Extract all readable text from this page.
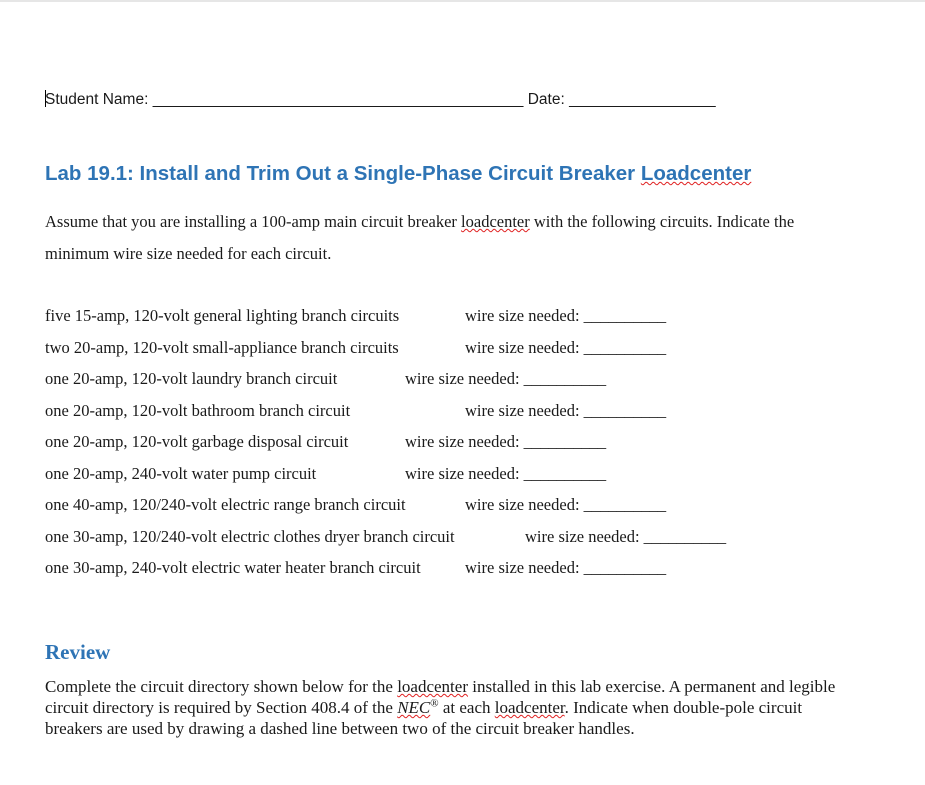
Student Name: ___________________________________________ Date: _________________
Lab 19.1: Install and Trim Out a Single-Phase Circuit Breaker Loadcenter

Assume that you are installing a 100-amp main circuit breaker loadcenter with the following circuits. Indicate the minimum wire size needed for each circuit.

five 15-amp, 120-volt general lighting branch circuits	wire size needed: __________
two 20-amp, 120-volt small-appliance branch circuits	wire size needed: __________
one 20-amp, 120-volt laundry branch circuit	wire size needed: __________
one 20-amp, 120-volt bathroom branch circuit	wire size needed: __________
one 20-amp, 120-volt garbage disposal circuit	wire size needed: __________
one 20-amp, 240-volt water pump circuit	wire size needed: __________
one 40-amp, 120/240-volt electric range branch circuit	wire size needed: __________
one 30-amp, 120/240-volt electric clothes dryer branch circuit	wire size needed: __________
one 30-amp, 240-volt electric water heater branch circuit	wire size needed: __________
Review

Complete the circuit directory shown below for the loadcenter installed in this lab exercise. A permanent and legible circuit directory is required by Section 408.4 of the NEC® at each loadcenter. Indicate when double-pole circuit breakers are used by drawing a dashed line between two of the circuit breaker handles.
